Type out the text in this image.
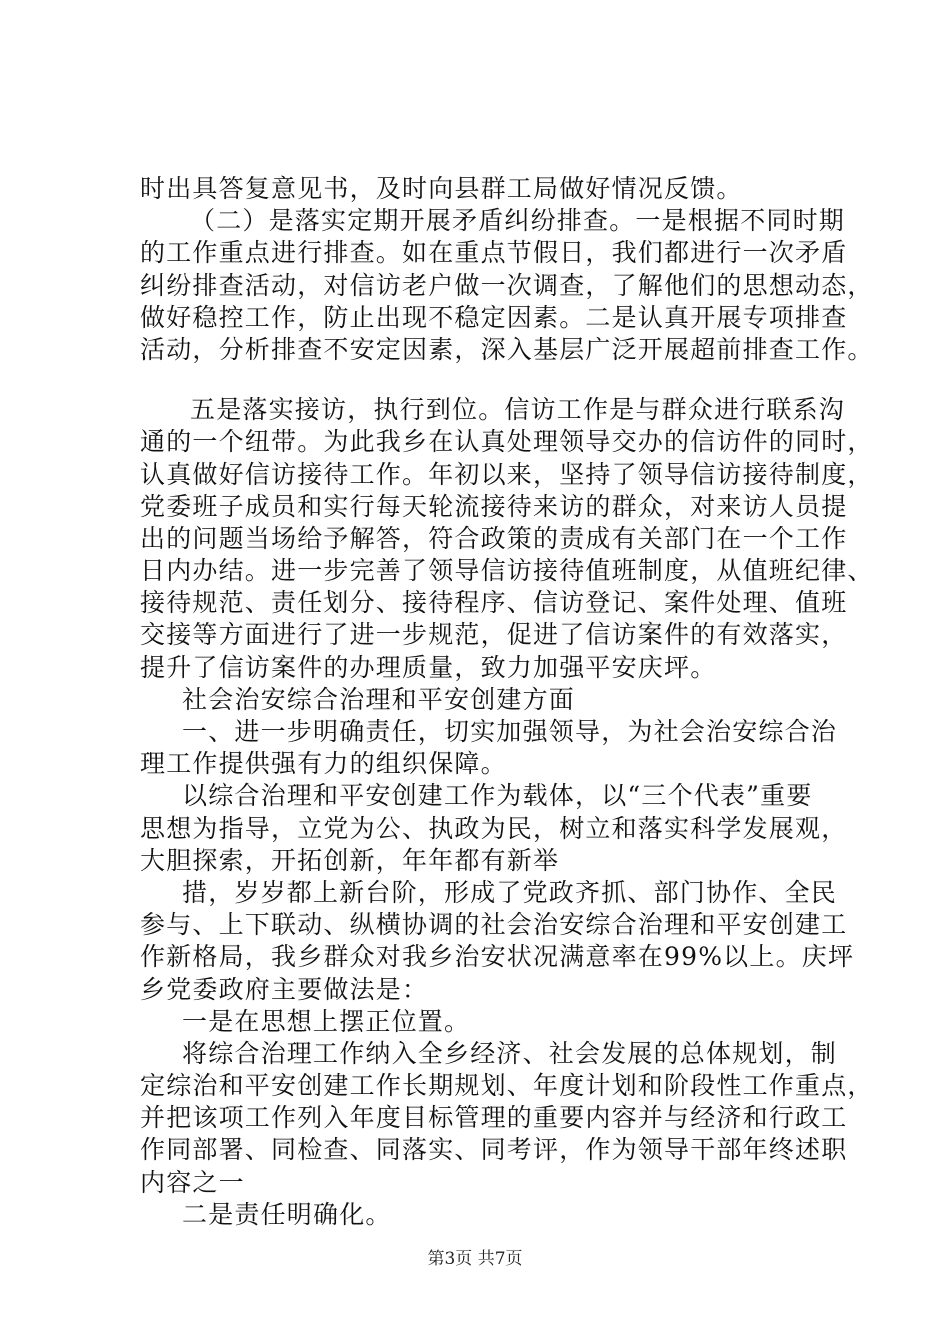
时出具答复意见书，及时向县群工局做好情况反馈。
（二）是落实定期开展矛盾纠纷排查。一是根据不同时期
的工作重点进行排查。如在重点节假日，我们都进行一次矛盾
纠纷排查活动，对信访老户做一次调查，了解他们的思想动态，
做好稳控工作，防止出现不稳定因素。二是认真开展专项排查
活动，分析排查不安定因素，深入基层广泛开展超前排查工作。
五是落实接访，执行到位。信访工作是与群众进行联系沟
通的一个纽带。为此我乡在认真处理领导交办的信访件的同时，
认真做好信访接待工作。年初以来，坚持了领导信访接待制度，
党委班子成员和实行每天轮流接待来访的群众，对来访人员提
出的问题当场给予解答，符合政策的责成有关部门在一个工作
日内办结。进一步完善了领导信访接待值班制度，从值班纪律、
接待规范、责任划分、接待程序、信访登记、案件处理、值班
交接等方面进行了进一步规范，促进了信访案件的有效落实，
提升了信访案件的办理质量，致力加强平安庆坪。
社会治安综合治理和平安创建方面
一、进一步明确责任，切实加强领导，为社会治安综合治
理工作提供强有力的组织保障。
以综合治理和平安创建工作为载体，以“三个代表”重要
思想为指导，立党为公、执政为民，树立和落实科学发展观，
大胆探索，开拓创新，年年都有新举
措，岁岁都上新台阶，形成了党政齐抓、部门协作、全民
参与、上下联动、纵横协调的社会治安综合治理和平安创建工
作新格局，我乡群众对我乡治安状况满意率在99%以上。庆坪
乡党委政府主要做法是：
一是在思想上摆正位置。
将综合治理工作纳入全乡经济、社会发展的总体规划，制
定综治和平安创建工作长期规划、年度计划和阶段性工作重点，
并把该项工作列入年度目标管理的重要内容并与经济和行政工
作同部署、同检查、同落实、同考评，作为领导干部年终述职
内容之一
二是责任明确化。
第3页 共7页
